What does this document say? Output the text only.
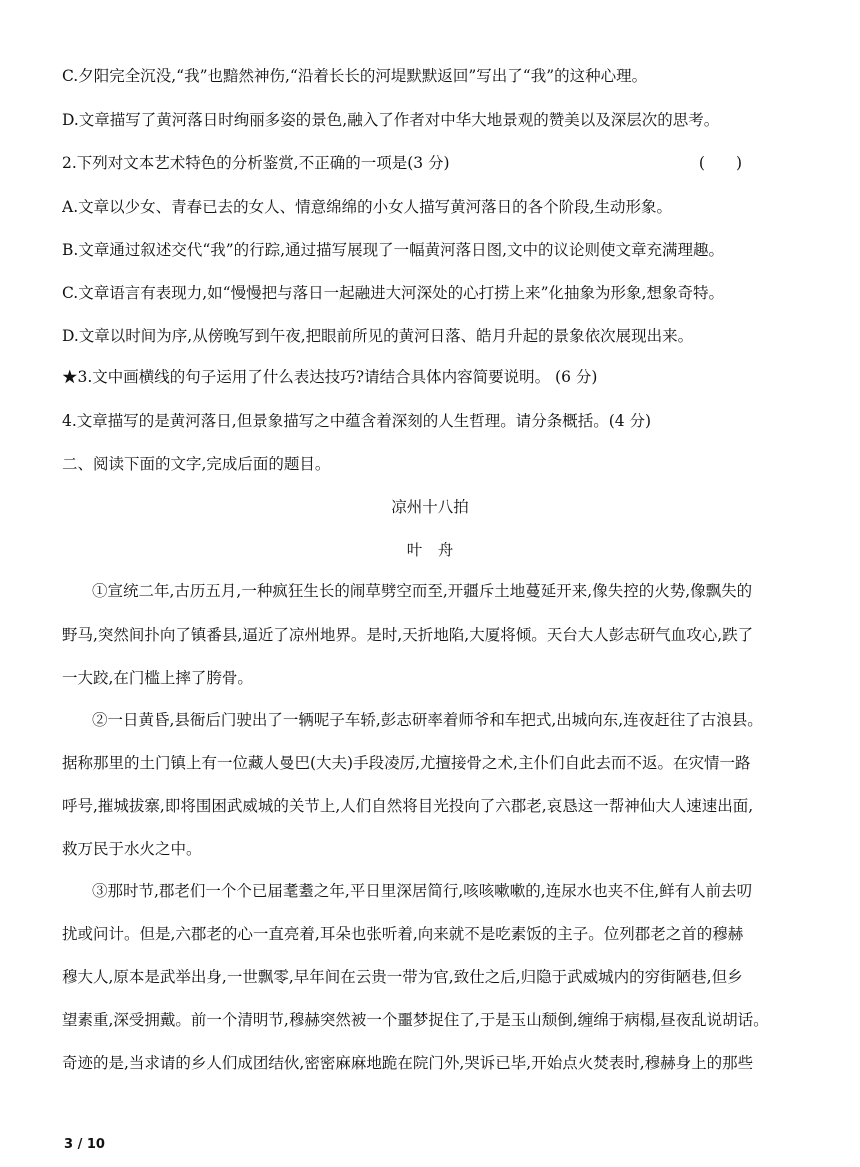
C.夕阳完全沉没,“我”也黯然神伤,“沿着长长的河堤默默返回”写出了“我”的这种心理。
D.文章描写了黄河落日时绚丽多姿的景色,融入了作者对中华大地景观的赞美以及深层次的思考。
2.下列对文本艺术特色的分析鉴赏,不正确的一项是(3 分)	(　　)
A.文章以少女、青春已去的女人、情意绵绵的小女人描写黄河落日的各个阶段,生动形象。
B.文章通过叙述交代“我”的行踪,通过描写展现了一幅黄河落日图,文中的议论则使文章充满理趣。
C.文章语言有表现力,如“慢慢把与落日一起融进大河深处的心打捞上来”化抽象为形象,想象奇特。
D.文章以时间为序,从傍晚写到午夜,把眼前所见的黄河日落、皓月升起的景象依次展现出来。
★3.文中画横线的句子运用了什么表达技巧?请结合具体内容简要说明。 (6 分)
4.文章描写的是黄河落日,但景象描写之中蕴含着深刻的人生哲理。请分条概括。(4 分)
二、阅读下面的文字,完成后面的题目。
凉州十八拍
叶　舟
①宣统二年,古历五月,一种疯狂生长的闹草劈空而至,开疆斥土地蔓延开来,像失控的火势,像飘失的
野马,突然间扑向了镇番县,逼近了凉州地界。是时,天折地陷,大厦将倾。天台大人彭志研气血攻心,跌了
一大跤,在门槛上摔了胯骨。
②一日黄昏,县衙后门驶出了一辆呢子车轿,彭志研率着师爷和车把式,出城向东,连夜赶往了古浪县。
据称那里的土门镇上有一位藏人曼巴(大夫)手段凌厉,尤擅接骨之术,主仆们自此去而不返。在灾情一路
呼号,摧城拔寨,即将围困武威城的关节上,人们自然将目光投向了六郡老,哀恳这一帮神仙大人速速出面,
救万民于水火之中。
③那时节,郡老们一个个已届耄耋之年,平日里深居简行,咳咳嗽嗽的,连尿水也夹不住,鲜有人前去叨
扰或问计。但是,六郡老的心一直亮着,耳朵也张听着,向来就不是吃素饭的主子。位列郡老之首的穆赫
穆大人,原本是武举出身,一世飘零,早年间在云贵一带为官,致仕之后,归隐于武威城内的穷街陋巷,但乡
望素重,深受拥戴。前一个清明节,穆赫突然被一个噩梦捉住了,于是玉山颓倒,缠绵于病榻,昼夜乱说胡话。
奇迹的是,当求请的乡人们成团结伙,密密麻麻地跪在院门外,哭诉已毕,开始点火焚表时,穆赫身上的那些
3 / 10
